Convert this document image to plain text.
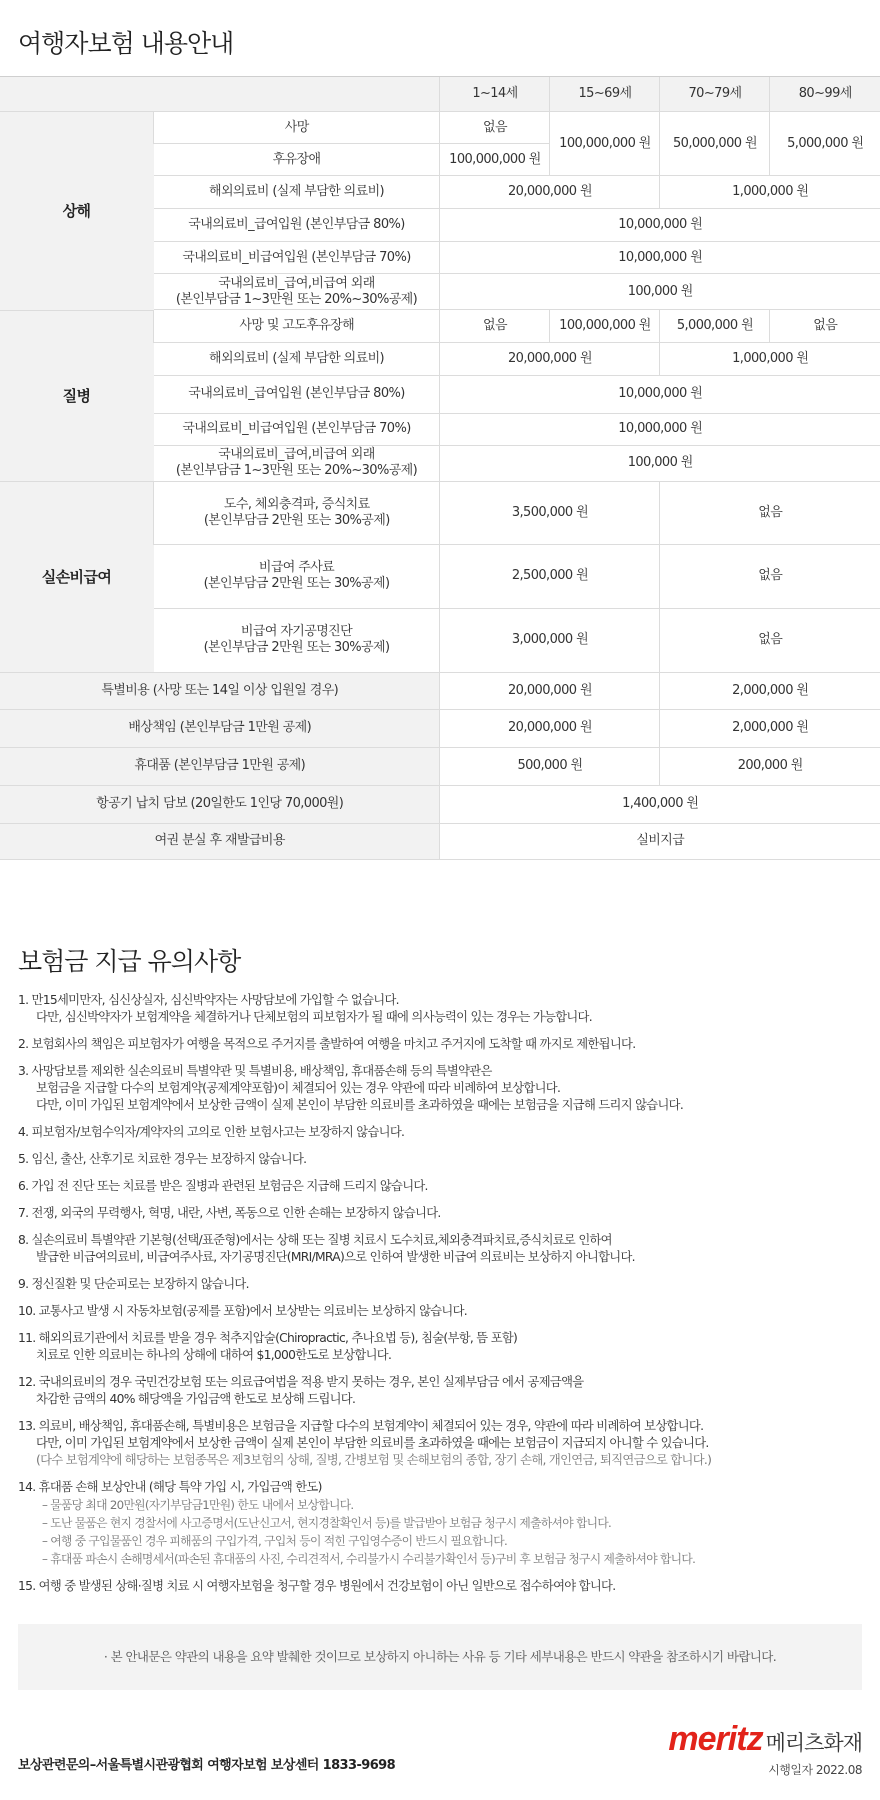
여행자보험 내용안내
		1~14세	15~69세	70~79세	80~99세
상해	사망	없음	100,000,000 원	50,000,000 원	5,000,000 원
	후유장애	100,000,000 원			
	해외의료비 (실제 부담한 의료비)	20,000,000 원		1,000,000 원	
	국내의료비_급여입원 (본인부담금 80%)	10,000,000 원			
	국내의료비_비급여입원 (본인부담금 70%)	10,000,000 원			
	국내의료비_급여,비급여 외래
(본인부담금 1~3만원 또는 20%~30%공제)	100,000 원			

질병	사망 및 고도후유장해	없음	100,000,000 원	5,000,000 원	없음
	해외의료비 (실제 부담한 의료비)	20,000,000 원		1,000,000 원	
	국내의료비_급여입원 (본인부담금 80%)	10,000,000 원			
	국내의료비_비급여입원 (본인부담금 70%)	10,000,000 원			
	국내의료비_급여,비급여 외래
(본인부담금 1~3만원 또는 20%~30%공제)	100,000 원			
실손비급여	도수, 체외충격파, 증식치료
(본인부담금 2만원 또는 30%공제)	3,500,000 원		없음	
	비급여 주사료
(본인부담금 2만원 또는 30%공제)	2,500,000 원		없음	
	비급여 자기공명진단
(본인부담금 2만원 또는 30%공제)	3,000,000 원		없음	
특별비용 (사망 또는 14일 이상 입원일 경우)		20,000,000 원		2,000,000 원	
배상책임 (본인부담금 1만원 공제)		20,000,000 원		2,000,000 원	
휴대품 (본인부담금 1만원 공제)		500,000 원		200,000 원	
항공기 납치 담보 (20일한도 1인당 70,000원)		1,400,000 원			
여권 분실 후 재발급비용		실비지급			
보험금 지급 유의사항
1. 만15세미만자, 심신상실자, 심신박약자는 사망담보에 가입할 수 없습니다.
다만, 심신박약자가 보험계약을 체결하거나 단체보험의 피보험자가 될 때에 의사능력이 있는 경우는 가능합니다.
2. 보험회사의 책임은 피보험자가 여행을 목적으로 주거지를 출발하여 여행을 마치고 주거지에 도착할 때 까지로 제한됩니다.
3. 사망담보를 제외한 실손의료비 특별약관 및 특별비용, 배상책임, 휴대품손해 등의 특별약관은
보험금을 지급할 다수의 보험계약(공제계약포함)이 체결되어 있는 경우 약관에 따라 비례하여 보상합니다.
다만, 이미 가입된 보험계약에서 보상한 금액이 실제 본인이 부담한 의료비를 초과하였을 때에는 보험금을 지급해 드리지 않습니다.
4. 피보험자/보험수익자/계약자의 고의로 인한 보험사고는 보장하지 않습니다.
5. 임신, 출산, 산후기로 치료한 경우는 보장하지 않습니다.
6. 가입 전 진단 또는 치료를 받은 질병과 관련된 보험금은 지급해 드리지 않습니다.
7. 전쟁, 외국의 무력행사, 혁명, 내란, 사변, 폭동으로 인한 손해는 보장하지 않습니다.
8. 실손의료비 특별약관 기본형(선택/표준형)에서는 상해 또는 질병 치료시 도수치료,체외충격파치료,증식치료로 인하여
발급한 비급여의료비, 비급여주사료, 자기공명진단(MRI/MRA)으로 인하여 발생한 비급여 의료비는 보상하지 아니합니다.
9. 정신질환 및 단순피로는 보장하지 않습니다.
10. 교통사고 발생 시 자동차보험(공제를 포함)에서 보상받는 의료비는 보상하지 않습니다.
11. 해외의료기관에서 치료를 받을 경우 척추지압술(Chiropractic, 추나요법 등), 침술(부항, 뜸 포함)
치료로 인한 의료비는 하나의 상해에 대하여 $1,000한도로 보상합니다.
12. 국내의료비의 경우 국민건강보험 또는 의료급여법을 적용 받지 못하는 경우, 본인 실제부담금 에서 공제금액을
차감한 금액의 40% 해당액을 가입금액 한도로 보상해 드립니다.
13. 의료비, 배상책임, 휴대품손해, 특별비용은 보험금을 지급할 다수의 보험계약이 체결되어 있는 경우, 약관에 따라 비례하여 보상합니다.
다만, 이미 가입된 보험계약에서 보상한 금액이 실제 본인이 부담한 의료비를 초과하였을 때에는 보험금이 지급되지 아니할 수 있습니다.
(다수 보험계약에 해당하는 보험종목은 제3보험의 상해, 질병, 간병보험 및 손해보험의 종합, 장기 손해, 개인연금, 퇴직연금으로 합니다.)
14. 휴대품 손해 보상안내 (해당 특약 가입 시, 가입금액 한도)
– 물품당 최대 20만원(자기부담금1만원) 한도 내에서 보상합니다.
– 도난 물품은 현지 경찰서에 사고증명서(도난신고서, 현지경찰확인서 등)를 발급받아 보험금 청구시 제출하셔야 합니다.
– 여행 중 구입물품인 경우 피해품의 구입가격, 구입처 등이 적힌 구입영수증이 반드시 필요합니다.
– 휴대품 파손시 손해명세서(파손된 휴대품의 사진, 수리견적서, 수리불가시 수리불가확인서 등)구비 후 보험금 청구시 제출하셔야 합니다.
15. 여행 중 발생된 상해·질병 치료 시 여행자보험을 청구할 경우 병원에서 건강보험이 아닌 일반으로 접수하여야 합니다.
· 본 안내문은 약관의 내용을 요약 발췌한 것이므로 보상하지 아니하는 사유 등 기타 세부내용은 반드시 약관을 참조하시기 바랍니다.
보상관련문의–서울특별시관광협회 여행자보험 보상센터 1833-9698
meritz 메리츠화재
시행일자 2022.08
